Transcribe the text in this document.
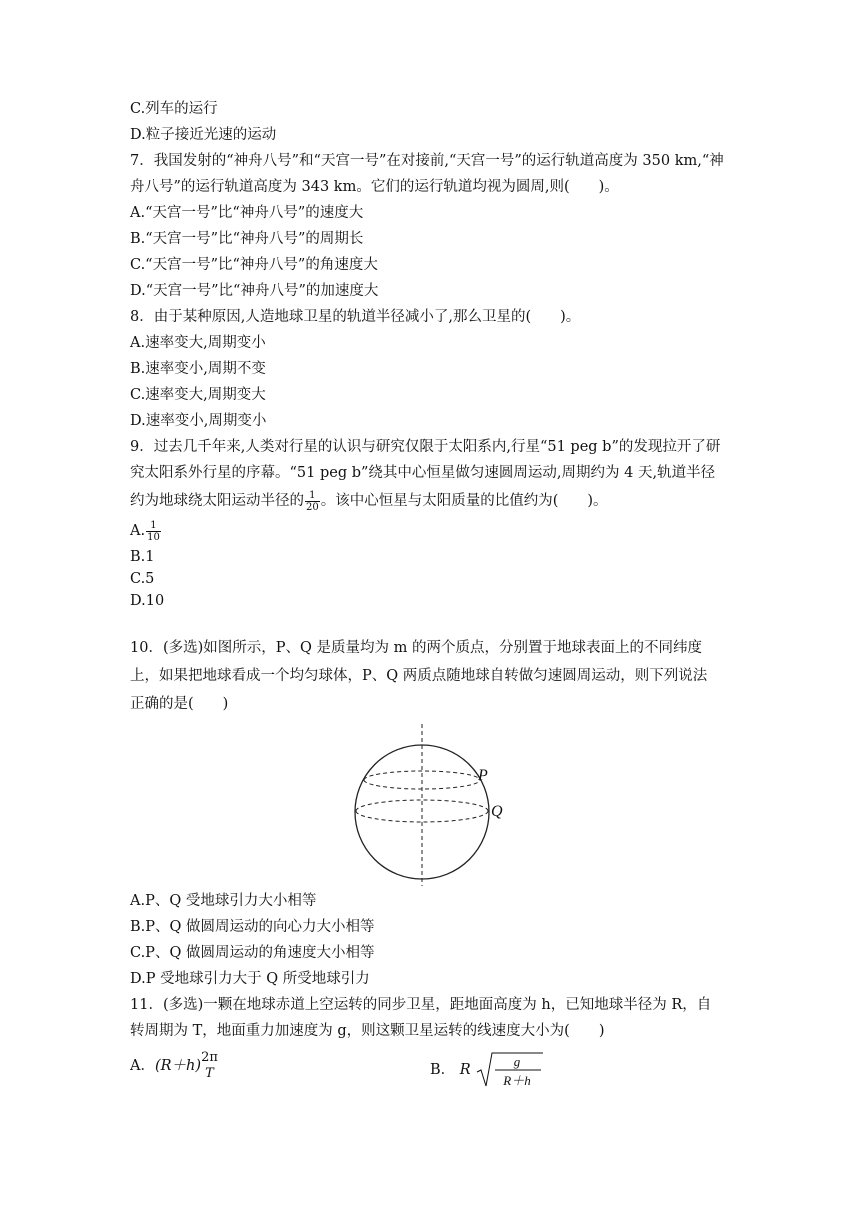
C.列车的运行
D.粒子接近光速的运动
7．我国发射的“神舟八号”和“天宫一号”在对接前,“天宫一号”的运行轨道高度为 350 km,“神
舟八号”的运行轨道高度为 343 km。它们的运行轨道均视为圆周,则(　　)。
A.“天宫一号”比“神舟八号”的速度大
B.“天宫一号”比“神舟八号”的周期长
C.“天宫一号”比“神舟八号”的角速度大
D.“天宫一号”比“神舟八号”的加速度大
8．由于某种原因,人造地球卫星的轨道半径减小了,那么卫星的(　　)。
A.速率变大,周期变小
B.速率变小,周期不变
C.速率变大,周期变大
D.速率变小,周期变小
9．过去几千年来,人类对行星的认识与研究仅限于太阳系内,行星“51 peg b”的发现拉开了研
究太阳系外行星的序幕。“51 peg b”绕其中心恒星做匀速圆周运动,周期约为 4 天,轨道半径
约为地球绕太阳运动半径的 $\frac{1}{20}$ 。该中心恒星与太阳质量的比值约为(　　)。
A. $\frac{1}{10}$
B.1
C.5
D.10
10．(多选)如图所示，P、Q 是质量均为 m 的两个质点，分别置于地球表面上的不同纬度
上，如果把地球看成一个均匀球体，P、Q 两质点随地球自转做匀速圆周运动，则下列说法
正确的是(　　)
P
Q
A.P、Q 受地球引力大小相等
B.P、Q 做圆周运动的向心力大小相等
C.P、Q 做圆周运动的角速度大小相等
D.P 受地球引力大于 Q 所受地球引力
11．(多选)一颗在地球赤道上空运转的同步卫星，距地面高度为 h，已知地球半径为 R，自
转周期为 T，地面重力加速度为 g，则这颗卫星运转的线速度大小为(　　)
A．(R＋h)
2π
T	B． R
g
R＋h
